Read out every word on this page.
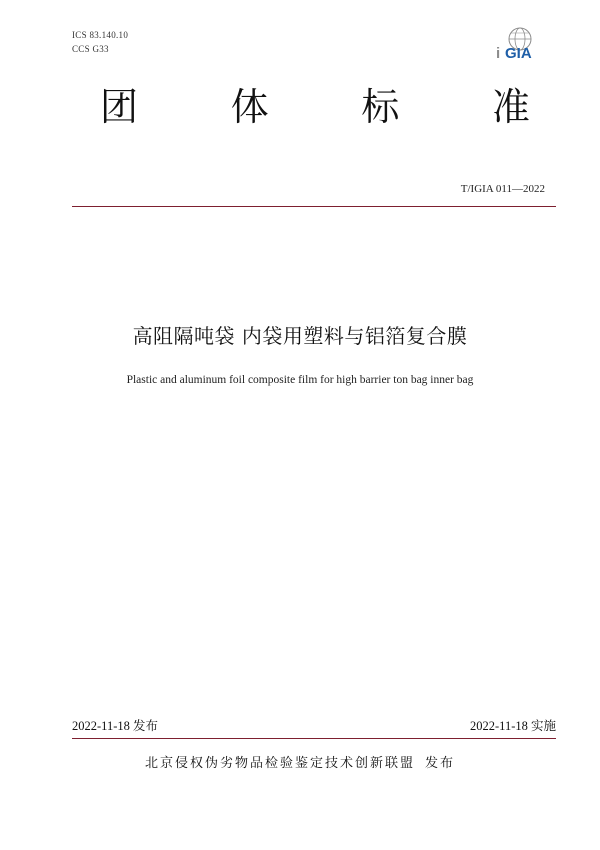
ICS 83.140.10
CCS G33	i GIA
团 体 标 准
T/IGIA 011—2022
高阻隔吨袋 内袋用塑料与铝箔复合膜
Plastic and aluminum foil composite film for high barrier ton bag inner bag
2022-11-18 发布	2022-11-18 实施
北京侵权伪劣物品检验鉴定技术创新联盟 发布
